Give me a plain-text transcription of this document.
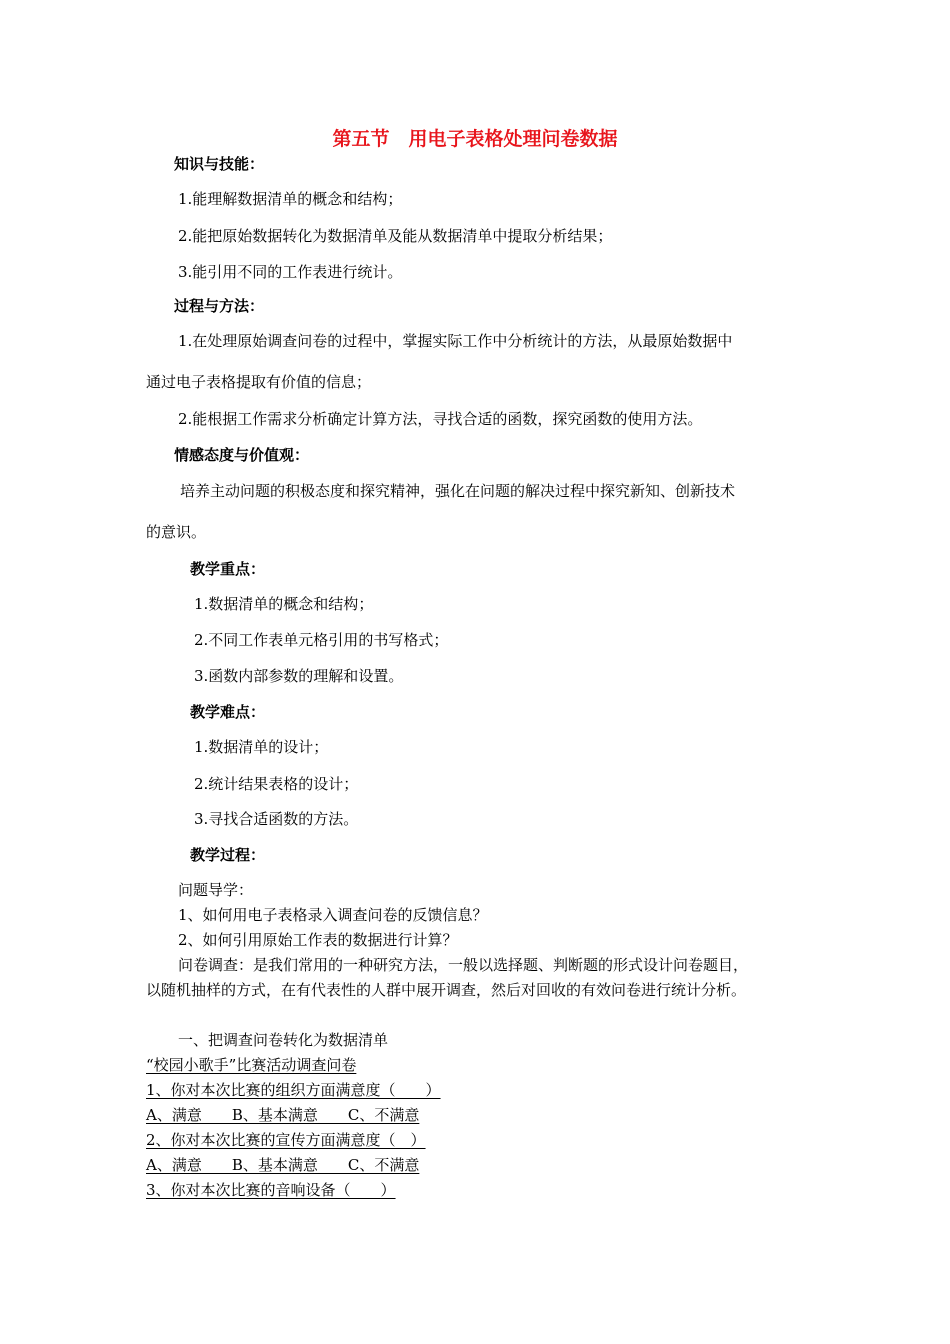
第五节　用电子表格处理问卷数据
知识与技能：
1.能理解数据清单的概念和结构；
2.能把原始数据转化为数据清单及能从数据清单中提取分析结果；
3.能引用不同的工作表进行统计。
过程与方法：
1.在处理原始调查问卷的过程中，掌握实际工作中分析统计的方法，从最原始数据中
通过电子表格提取有价值的信息；
2.能根据工作需求分析确定计算方法，寻找合适的函数，探究函数的使用方法。
情感态度与价值观：
培养主动问题的积极态度和探究精神，强化在问题的解决过程中探究新知、创新技术
的意识。
教学重点：
1.数据清单的概念和结构；
2.不同工作表单元格引用的书写格式；
3.函数内部参数的理解和设置。
教学难点：
1.数据清单的设计；
2.统计结果表格的设计；
3.寻找合适函数的方法。
教学过程：
问题导学：
1、如何用电子表格录入调查问卷的反馈信息？
2、如何引用原始工作表的数据进行计算？
问卷调查：是我们常用的一种研究方法，一般以选择题、判断题的形式设计问卷题目，
以随机抽样的方式，在有代表性的人群中展开调查，然后对回收的有效问卷进行统计分析。
一、把调查问卷转化为数据清单
“校园小歌手”比赛活动调查问卷
1、你对本次比赛的组织方面满意度（　　）
A、满意　　B、基本满意　　C、不满意
2、你对本次比赛的宣传方面满意度（　）
A、满意　　B、基本满意　　C、不满意
3、你对本次比赛的音响设备（　　）
